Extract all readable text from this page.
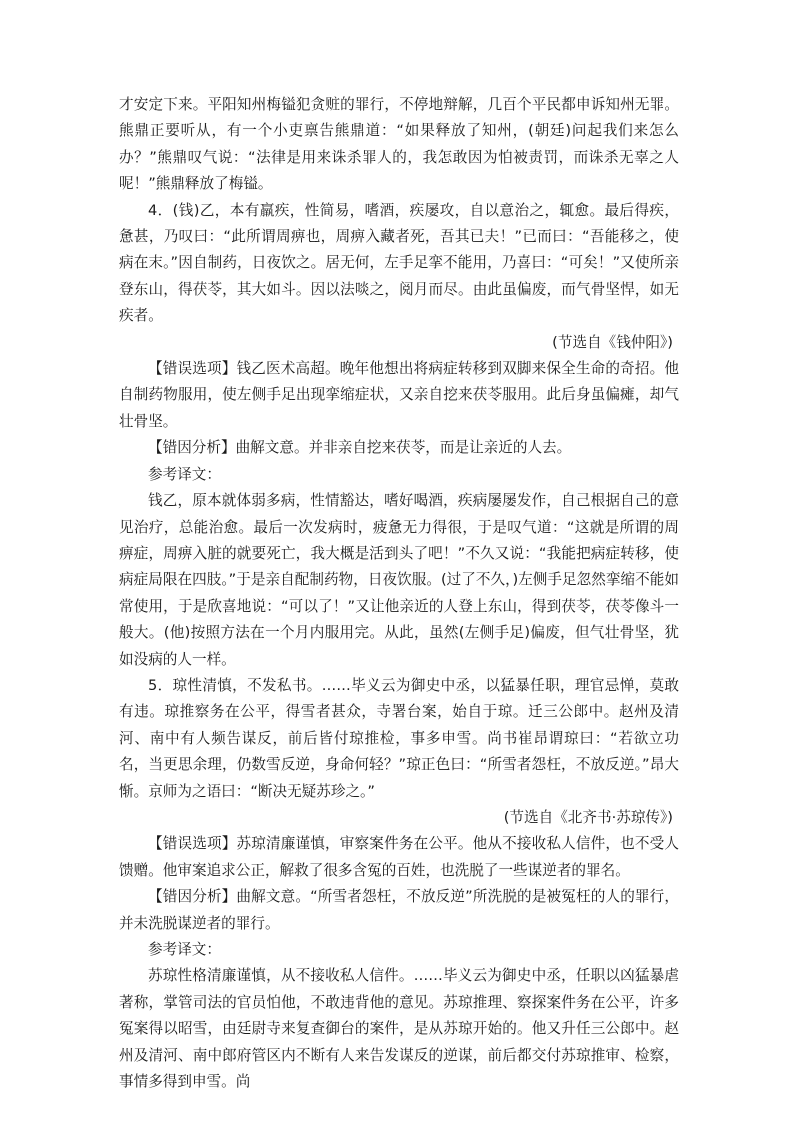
才安定下来。平阳知州梅镒犯贪赃的罪行，不停地辩解，几百个平民都申诉知州无罪。熊鼎正要听从，有一个小吏禀告熊鼎道：“如果释放了知州，(朝廷)问起我们来怎么办？”熊鼎叹气说：“法律是用来诛杀罪人的，我怎敢因为怕被责罚，而诛杀无辜之人呢！”熊鼎释放了梅镒。

4．(钱)乙，本有羸疾，性简易，嗜酒，疾屡攻，自以意治之，辄愈。最后得疾，惫甚，乃叹曰：“此所谓周痹也，周痹入藏者死，吾其已夫！”已而曰：“吾能移之，使病在末。”因自制药，日夜饮之。居无何，左手足挛不能用，乃喜曰：“可矣！”又使所亲登东山，得茯苓，其大如斗。因以法啖之，阅月而尽。由此虽偏废，而气骨坚悍，如无疾者。

(节选自《钱仲阳》)

【错误选项】钱乙医术高超。晚年他想出将病症转移到双脚来保全生命的奇招。他自制药物服用，使左侧手足出现挛缩症状，又亲自挖来茯苓服用。此后身虽偏瘫，却气壮骨坚。

【错因分析】曲解文意。并非亲自挖来茯苓，而是让亲近的人去。

参考译文：

钱乙，原本就体弱多病，性情豁达，嗜好喝酒，疾病屡屡发作，自己根据自己的意见治疗，总能治愈。最后一次发病时，疲惫无力得很，于是叹气道：“这就是所谓的周痹症，周痹入脏的就要死亡，我大概是活到头了吧！”不久又说：“我能把病症转移，使病症局限在四肢。”于是亲自配制药物，日夜饮服。(过了不久，)左侧手足忽然挛缩不能如常使用，于是欣喜地说：“可以了！”又让他亲近的人登上东山，得到茯苓，茯苓像斗一般大。(他)按照方法在一个月内服用完。从此，虽然(左侧手足)偏废，但气壮骨坚，犹如没病的人一样。

5．琼性清慎，不发私书。……毕义云为御史中丞，以猛暴任职，理官忌惮，莫敢有违。琼推察务在公平，得雪者甚众，寺署台案，始自于琼。迁三公郎中。赵州及清河、南中有人频告谋反，前后皆付琼推检，事多申雪。尚书崔昂谓琼曰：“若欲立功名，当更思余理，仍数雪反逆，身命何轻？”琼正色曰：“所雪者怨枉，不放反逆。”昂大惭。京师为之语曰：“断决无疑苏珍之。”

(节选自《北齐书·苏琼传》)

【错误选项】苏琼清廉谨慎，审察案件务在公平。他从不接收私人信件，也不受人馈赠。他审案追求公正，解救了很多含冤的百姓，也洗脱了一些谋逆者的罪名。

【错因分析】曲解文意。“所雪者怨枉，不放反逆”所洗脱的是被冤枉的人的罪行，并未洗脱谋逆者的罪行。

参考译文：

苏琼性格清廉谨慎，从不接收私人信件。……毕义云为御史中丞，任职以凶猛暴虐著称，掌管司法的官员怕他，不敢违背他的意见。苏琼推理、察探案件务在公平，许多冤案得以昭雪，由廷尉寺来复查御台的案件，是从苏琼开始的。他又升任三公郎中。赵州及清河、南中郎府管区内不断有人来告发谋反的逆谋，前后都交付苏琼推审、检察，事情多得到申雪。尚
